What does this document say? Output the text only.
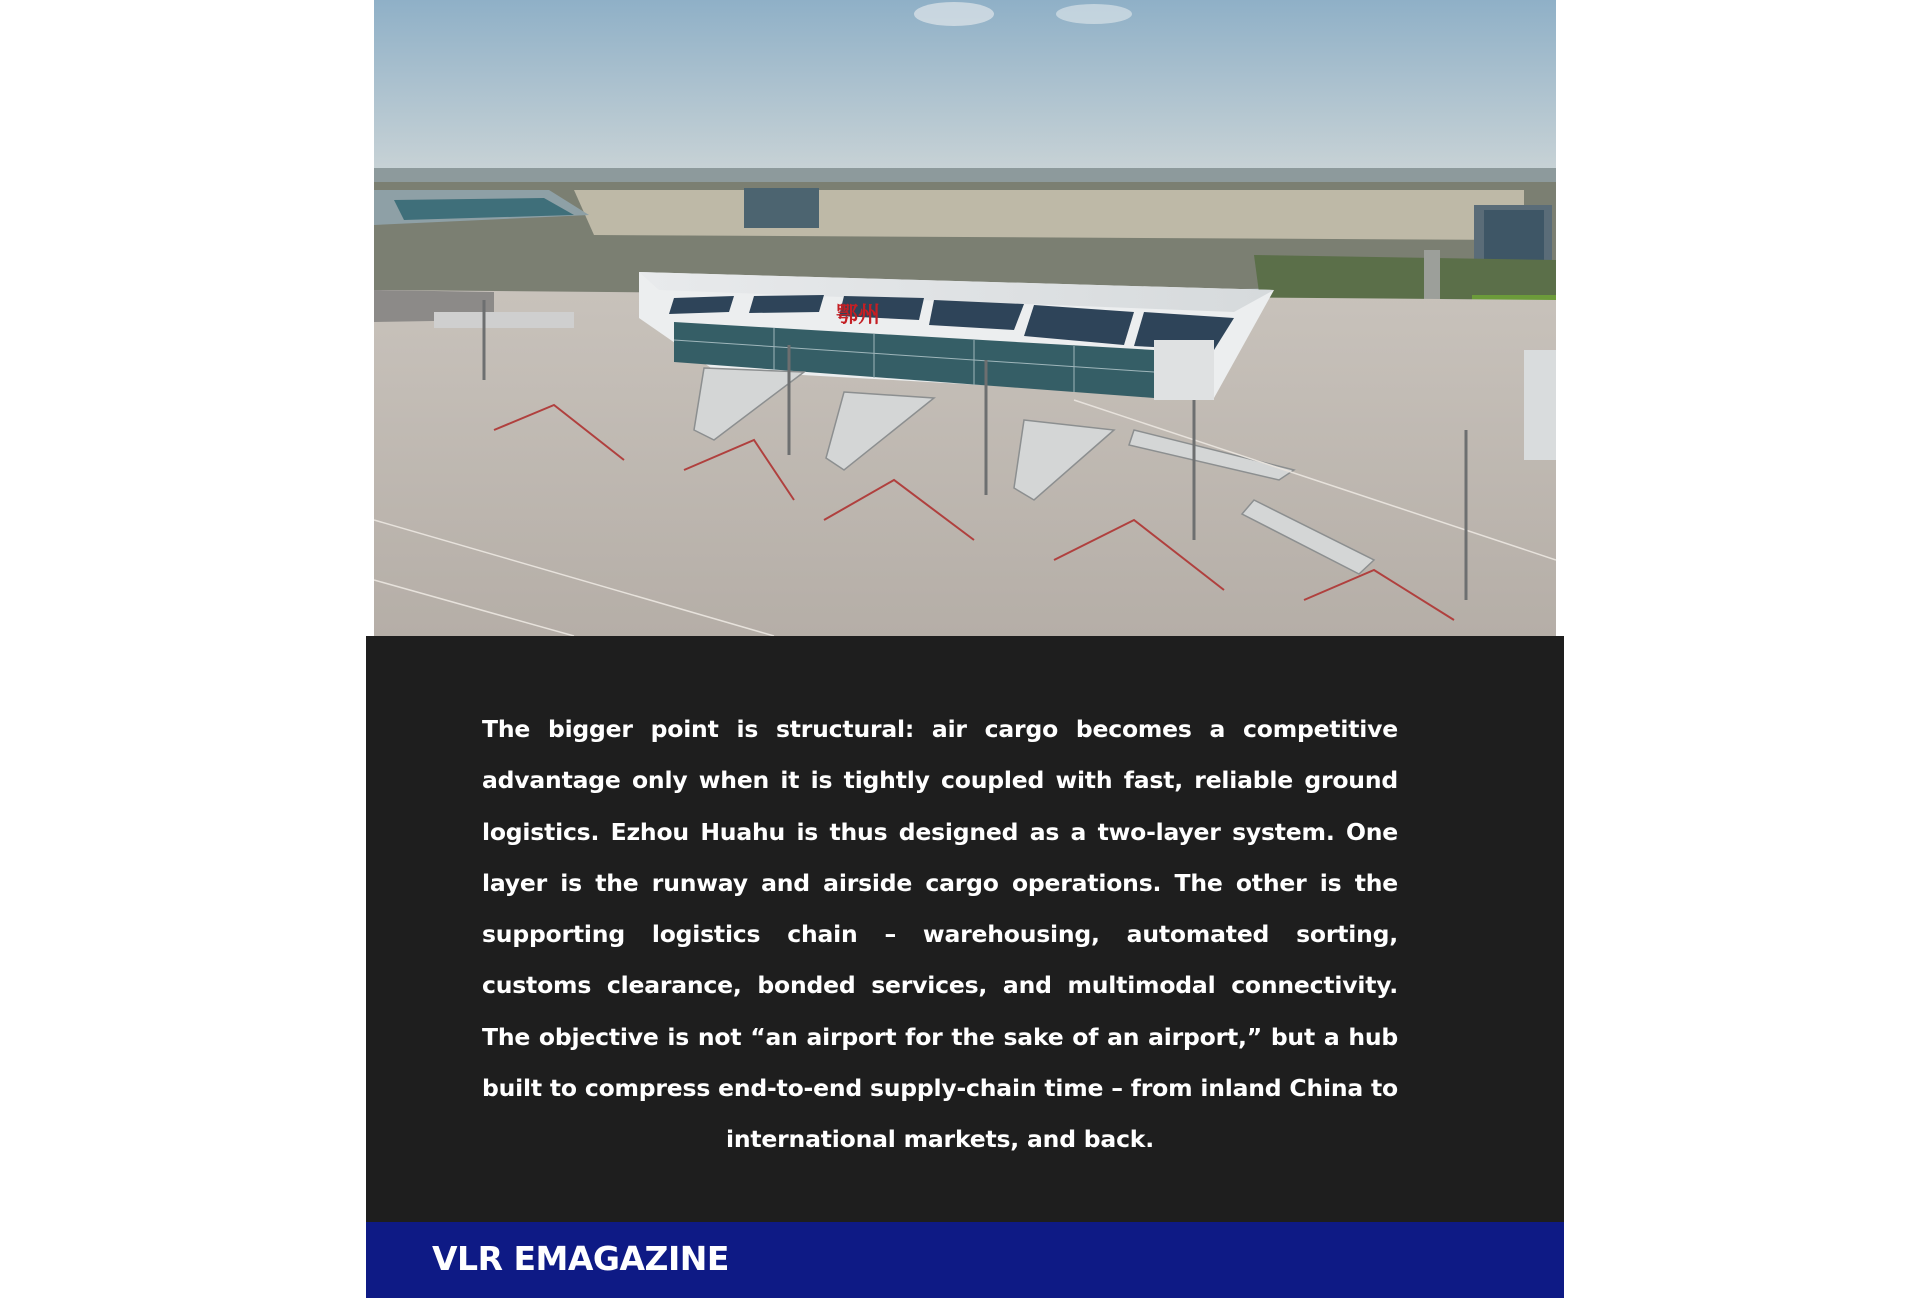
鄂州

The bigger point is structural: air cargo becomes a competitive advantage only when it is tightly coupled with fast, reliable ground logistics. Ezhou Huahu is thus designed as a two-layer system. One layer is the runway and airside cargo operations. The other is the supporting logistics chain – warehousing, automated sorting, customs clearance, bonded services, and multimodal connectivity. The objective is not “an airport for the sake of an airport,” but a hub built to compress end-to-end supply-chain time – from inland China to international markets, and back.

VLR EMAGAZINE
